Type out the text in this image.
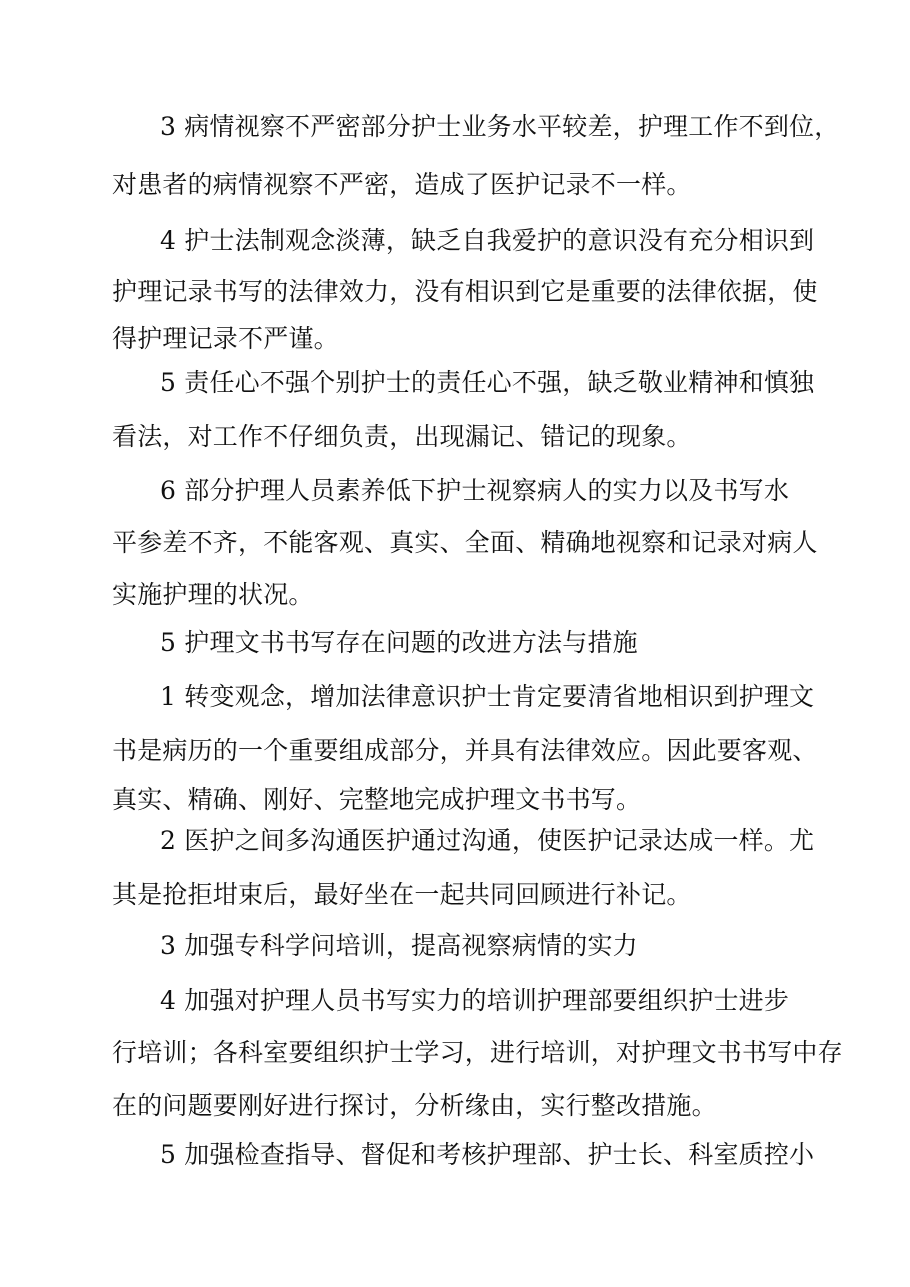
3 病情视察不严密部分护士业务水平较差，护理工作不到位，
对患者的病情视察不严密，造成了医护记录不一样。
4 护士法制观念淡薄，缺乏自我爱护的意识没有充分相识到
护理记录书写的法律效力，没有相识到它是重要的法律依据，使
得护理记录不严谨。
5 责任心不强个别护士的责任心不强，缺乏敬业精神和慎独
看法，对工作不仔细负责，出现漏记、错记的现象。
6 部分护理人员素养低下护士视察病人的实力以及书写水
平参差不齐，不能客观、真实、全面、精确地视察和记录对病人
实施护理的状况。
5 护理文书书写存在问题的改进方法与措施
1 转变观念，增加法律意识护士肯定要清省地相识到护理文
书是病历的一个重要组成部分，并具有法律效应。因此要客观、
真实、精确、刚好、完整地完成护理文书书写。
2 医护之间多沟通医护通过沟通，使医护记录达成一样。尤
其是抢拒坩束后，最好坐在一起共同回顾进行补记。
3 加强专科学问培训，提高视察病情的实力
4 加强对护理人员书写实力的培训护理部要组织护士进步
行培训；各科室要组织护士学习，进行培训，对护理文书书写中存
在的问题要刚好进行探讨，分析缘由，实行整改措施。
5 加强检查指导、督促和考核护理部、护士长、科室质控小
